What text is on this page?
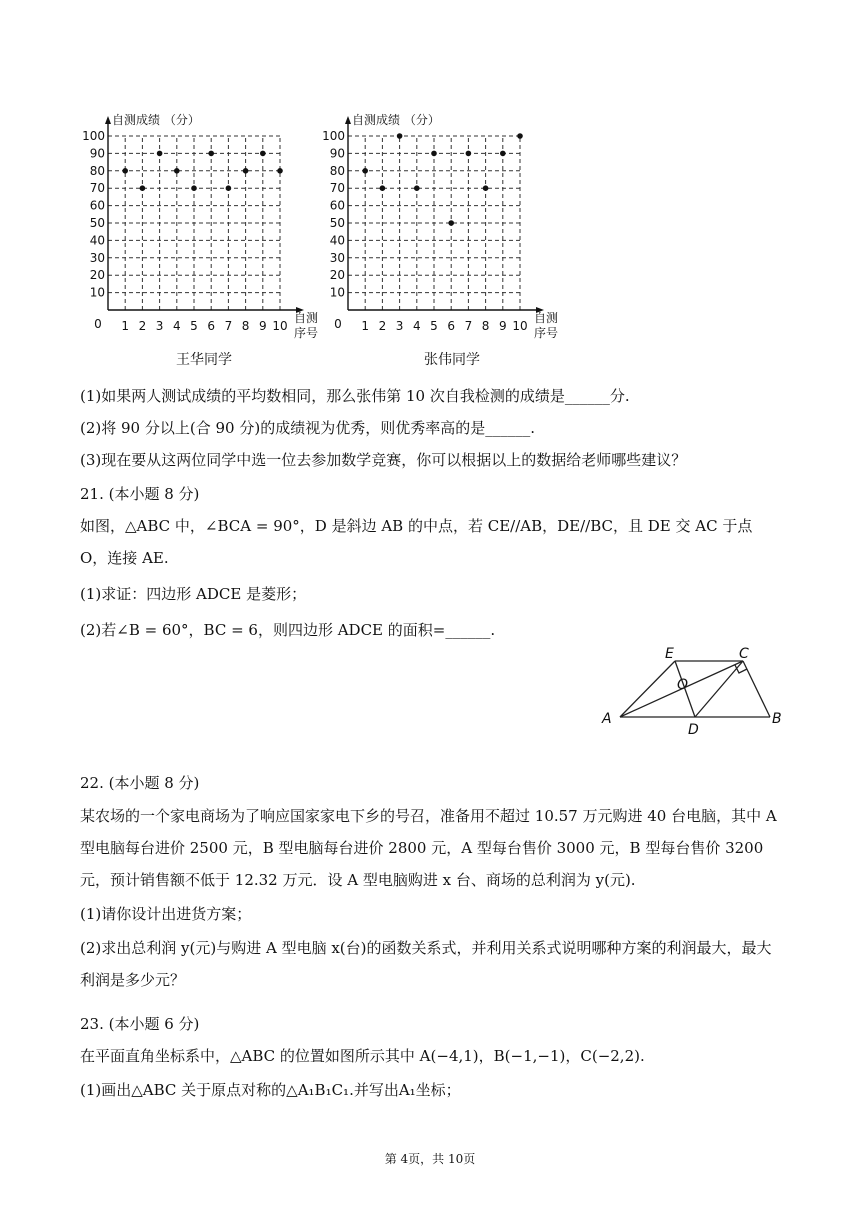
10
20
30
40
50
60
70
80
90
100
1 2 3 4 5 6 7 8 9 10
0
自测成绩 （分）
自测
序号
10
20
30
40
50
60
70
80
90
100
1 2 3 4 5 6 7 8 9 10
0
自测成绩 （分）
自测
序号
王华同学	张伟同学
(1)如果两人测试成绩的平均数相同，那么张伟第 10 次自我检测的成绩是______分.
(2)将 90 分以上(合 90 分)的成绩视为优秀，则优秀率高的是______.
(3)现在要从这两位同学中选一位去参加数学竞赛，你可以根据以上的数据给老师哪些建议？
21. (本小题 8 分)
如图，△ABC 中，∠BCA = 90°，D 是斜边 AB 的中点，若 CE//AB，DE//BC，且 DE 交 AC 于点 O，连接 AE.
(1)求证：四边形 ADCE 是菱形；
(2)若∠B = 60°，BC = 6，则四边形 ADCE 的面积=______.
A	B
C
D
E
O
22. (本小题 8 分)
某农场的一个家电商场为了响应国家家电下乡的号召，准备用不超过 10.57 万元购进 40 台电脑，其中 A 型电脑每台进价 2500 元，B 型电脑每台进价 2800 元，A 型每台售价 3000 元，B 型每台售价 3200 元，预计销售额不低于 12.32 万元．设 A 型电脑购进 x 台、商场的总利润为 y(元).
(1)请你设计出进货方案；
(2)求出总利润 y(元)与购进 A 型电脑 x(台)的函数关系式，并利用关系式说明哪种方案的利润最大，最大利润是多少元？
23. (本小题 6 分)
在平面直角坐标系中，△ABC 的位置如图所示其中 A(−4,1)，B(−1,−1)，C(−2,2).
(1)画出△ABC 关于原点对称的△A₁B₁C₁.并写出A₁坐标；
第 4页，共 10页
